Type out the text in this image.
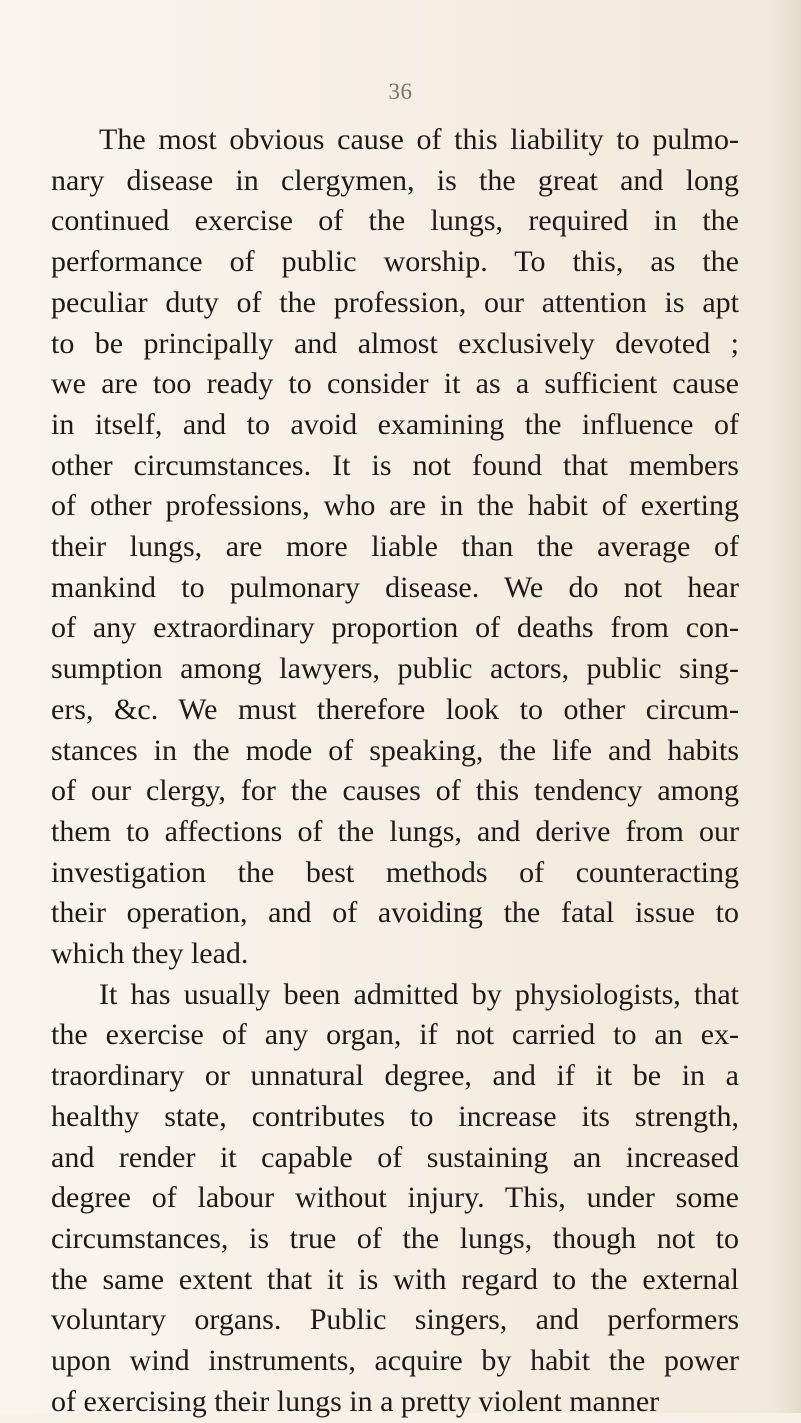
36
The most obvious cause of this liability to pulmo-
nary disease in clergymen, is the great and long
continued exercise of the lungs, required in the
performance of public worship. To this, as the
peculiar duty of the profession, our attention is apt
to be principally and almost exclusively devoted ;
we are too ready to consider it as a sufficient cause
in itself, and to avoid examining the influence of
other circumstances. It is not found that members
of other professions, who are in the habit of exerting
their lungs, are more liable than the average of
mankind to pulmonary disease. We do not hear
of any extraordinary proportion of deaths from con-
sumption among lawyers, public actors, public sing-
ers, &c. We must therefore look to other circum-
stances in the mode of speaking, the life and habits
of our clergy, for the causes of this tendency among
them to affections of the lungs, and derive from our
investigation the best methods of counteracting
their operation, and of avoiding the fatal issue to
which they lead.
It has usually been admitted by physiologists, that
the exercise of any organ, if not carried to an ex-
traordinary or unnatural degree, and if it be in a
healthy state, contributes to increase its strength,
and render it capable of sustaining an increased
degree of labour without injury. This, under some
circumstances, is true of the lungs, though not to
the same extent that it is with regard to the external
voluntary organs. Public singers, and performers
upon wind instruments, acquire by habit the power
of exercising their lungs in a pretty violent manner
